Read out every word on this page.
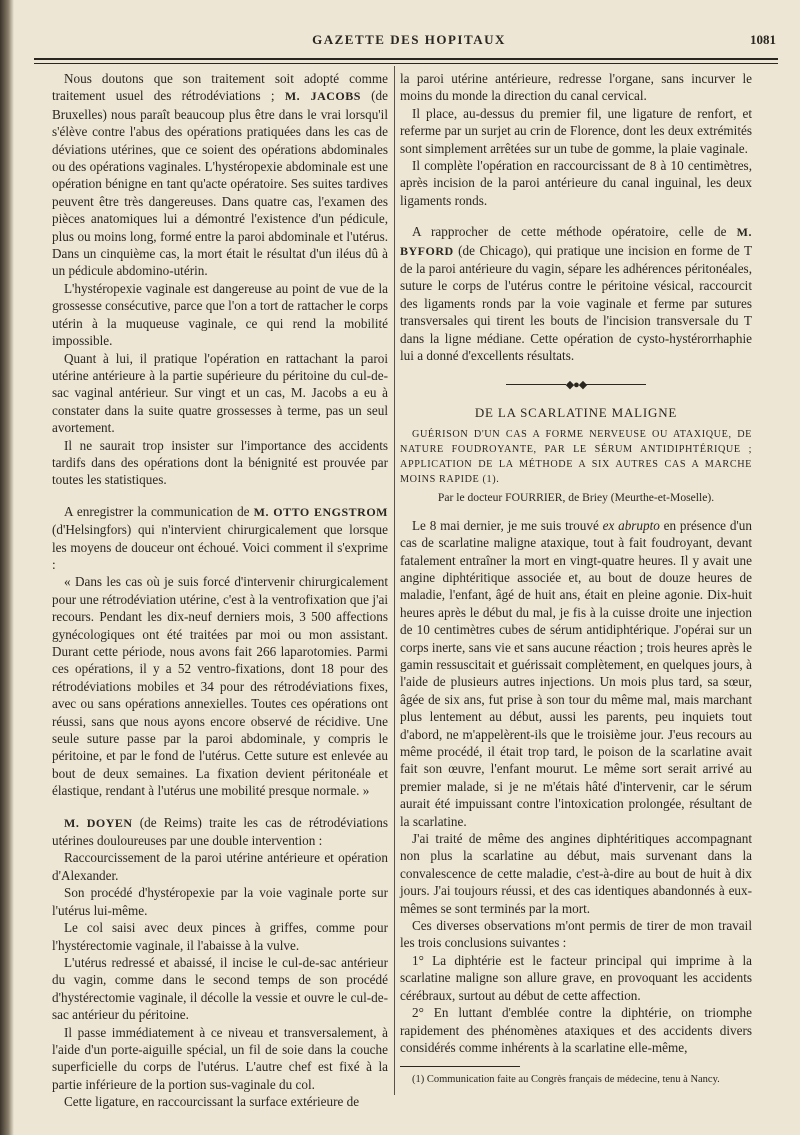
GAZETTE DES HOPITAUX	1081

Nous doutons que son traitement soit adopté comme traitement usuel des rétrodéviations ; M. JACOBS (de Bruxelles) nous paraît beaucoup plus être dans le vrai lorsqu'il s'élève contre l'abus des opérations pratiquées dans les cas de déviations utérines, que ce soient des opérations abdominales ou des opérations vaginales. L'hystéropexie abdominale est une opération bénigne en tant qu'acte opératoire. Ses suites tardives peuvent être très dangereuses. Dans quatre cas, l'examen des pièces anatomiques lui a démontré l'existence d'un pédicule, plus ou moins long, formé entre la paroi abdominale et l'utérus. Dans un cinquième cas, la mort était le résultat d'un iléus dû à un pédicule abdomino-utérin.

L'hystéropexie vaginale est dangereuse au point de vue de la grossesse consécutive, parce que l'on a tort de rattacher le corps utérin à la muqueuse vaginale, ce qui rend la mobilité impossible.

Quant à lui, il pratique l'opération en rattachant la paroi utérine antérieure à la partie supérieure du péritoine du cul-de-sac vaginal antérieur. Sur vingt et un cas, M. Jacobs a eu à constater dans la suite quatre grossesses à terme, pas un seul avortement.

Il ne saurait trop insister sur l'importance des accidents tardifs dans des opérations dont la bénignité est prouvée par toutes les statistiques.

A enregistrer la communication de M. OTTO ENGSTROM (d'Helsingfors) qui n'intervient chirurgicalement que lorsque les moyens de douceur ont échoué. Voici comment il s'exprime :

« Dans les cas où je suis forcé d'intervenir chirurgicalement pour une rétrodéviation utérine, c'est à la ventrofixation que j'ai recours. Pendant les dix-neuf derniers mois, 3 500 affections gynécologiques ont été traitées par moi ou mon assistant. Durant cette période, nous avons fait 266 laparotomies. Parmi ces opérations, il y a 52 ventro-fixations, dont 18 pour des rétrodéviations mobiles et 34 pour des rétrodéviations fixes, avec ou sans opérations annexielles. Toutes ces opérations ont réussi, sans que nous ayons encore observé de récidive. Une seule suture passe par la paroi abdominale, y compris le péritoine, et par le fond de l'utérus. Cette suture est enlevée au bout de deux semaines. La fixation devient péritonéale et élastique, rendant à l'utérus une mobilité presque normale. »

M. DOYEN (de Reims) traite les cas de rétrodéviations utérines douloureuses par une double intervention :

Raccourcissement de la paroi utérine antérieure et opération d'Alexander.

Son procédé d'hystéropexie par la voie vaginale porte sur l'utérus lui-même.

Le col saisi avec deux pinces à griffes, comme pour l'hystérectomie vaginale, il l'abaisse à la vulve.

L'utérus redressé et abaissé, il incise le cul-de-sac antérieur du vagin, comme dans le second temps de son procédé d'hystérectomie vaginale, il décolle la vessie et ouvre le cul-de-sac antérieur du péritoine.

Il passe immédiatement à ce niveau et transversalement, à l'aide d'un porte-aiguille spécial, un fil de soie dans la couche superficielle du corps de l'utérus. L'autre chef est fixé à la partie inférieure de la portion sus-vaginale du col.

Cette ligature, en raccourcissant la surface extérieure de

la paroi utérine antérieure, redresse l'organe, sans incurver le moins du monde la direction du canal cervical.

Il place, au-dessus du premier fil, une ligature de renfort, et referme par un surjet au crin de Florence, dont les deux extrémités sont simplement arrêtées sur un tube de gomme, la plaie vaginale.

Il complète l'opération en raccourcissant de 8 à 10 centimètres, après incision de la paroi antérieure du canal inguinal, les deux ligaments ronds.

A rapprocher de cette méthode opératoire, celle de M. BYFORD (de Chicago), qui pratique une incision en forme de T de la paroi antérieure du vagin, sépare les adhérences péritonéales, suture le corps de l'utérus contre le péritoine vésical, raccourcit des ligaments ronds par la voie vaginale et ferme par sutures transversales qui tirent les bouts de l'incision transversale du T dans la ligne médiane. Cette opération de cysto-hystérorrhaphie lui a donné d'excellents résultats.

◆●◆
DE LA SCARLATINE MALIGNE

GUÉRISON D'UN CAS A FORME NERVEUSE OU ATAXIQUE, DE NATURE FOUDROYANTE, PAR LE SÉRUM ANTIDIPHTÉRIQUE ; APPLICATION DE LA MÉTHODE A SIX AUTRES CAS A MARCHE MOINS RAPIDE (1).

Par le docteur FOURRIER, de Briey (Meurthe-et-Moselle).

Le 8 mai dernier, je me suis trouvé ex abrupto en présence d'un cas de scarlatine maligne ataxique, tout à fait foudroyant, devant fatalement entraîner la mort en vingt-quatre heures. Il y avait une angine diphtéritique associée et, au bout de douze heures de maladie, l'enfant, âgé de huit ans, était en pleine agonie. Dix-huit heures après le début du mal, je fis à la cuisse droite une injection de 10 centimètres cubes de sérum antidiphtérique. J'opérai sur un corps inerte, sans vie et sans aucune réaction ; trois heures après le gamin ressuscitait et guérissait complètement, en quelques jours, à l'aide de plusieurs autres injections. Un mois plus tard, sa sœur, âgée de six ans, fut prise à son tour du même mal, mais marchant plus lentement au début, aussi les parents, peu inquiets tout d'abord, ne m'appelèrent-ils que le troisième jour. J'eus recours au même procédé, il était trop tard, le poison de la scarlatine avait fait son œuvre, l'enfant mourut. Le même sort serait arrivé au premier malade, si je ne m'étais hâté d'intervenir, car le sérum aurait été impuissant contre l'intoxication prolongée, résultant de la scarlatine.

J'ai traité de même des angines diphtéritiques accompagnant non plus la scarlatine au début, mais survenant dans la convalescence de cette maladie, c'est-à-dire au bout de huit à dix jours. J'ai toujours réussi, et des cas identiques abandonnés à eux-mêmes se sont terminés par la mort.

Ces diverses observations m'ont permis de tirer de mon travail les trois conclusions suivantes :

1° La diphtérie est le facteur principal qui imprime à la scarlatine maligne son allure grave, en provoquant les accidents cérébraux, surtout au début de cette affection.

2° En luttant d'emblée contre la diphtérie, on triomphe rapidement des phénomènes ataxiques et des accidents divers considérés comme inhérents à la scarlatine elle-même,

(1) Communication faite au Congrès français de médecine, tenu à Nancy.
